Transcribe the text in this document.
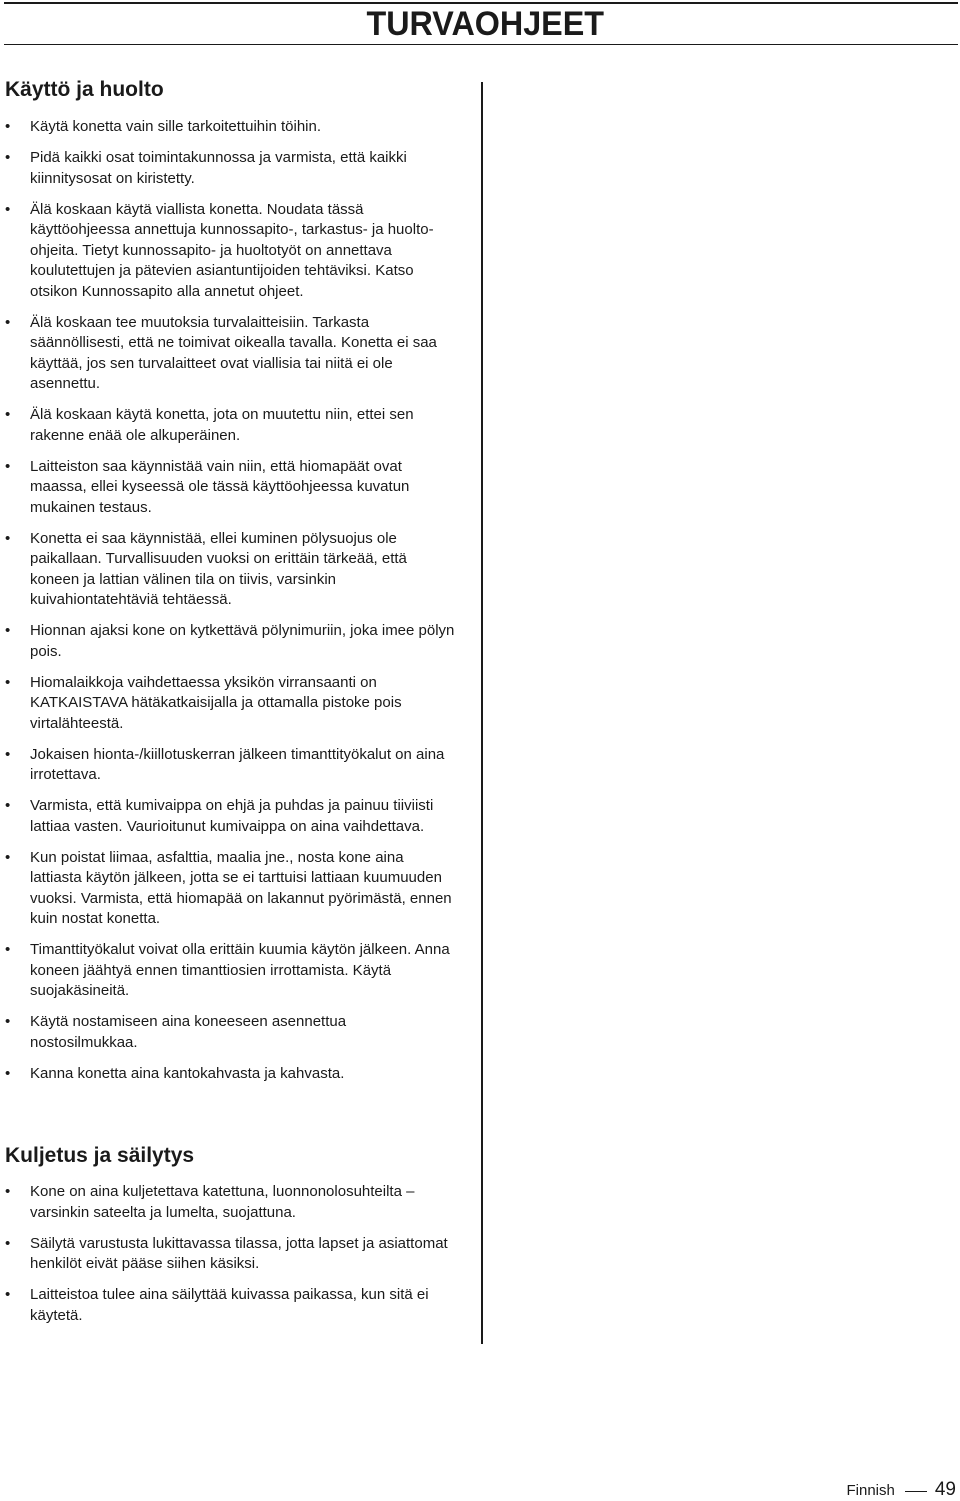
TURVAOHJEET
Käyttö ja huolto
• Käytä konetta vain sille tarkoitettuihin töihin.
• Pidä kaikki osat toimintakunnossa ja varmista, että kaikki kiinnitysosat on kiristetty.
• Älä koskaan käytä viallista konetta. Noudata tässä käyttöohjeessa annettuja kunnossapito-, tarkastus- ja huolto-ohjeita. Tietyt kunnossapito- ja huoltotyöt on annettava koulutettujen ja pätevien asiantuntijoiden tehtäviksi. Katso otsikon Kunnossapito alla annetut ohjeet.
• Älä koskaan tee muutoksia turvalaitteisiin. Tarkasta säännöllisesti, että ne toimivat oikealla tavalla. Konetta ei saa käyttää, jos sen turvalaitteet ovat viallisia tai niitä ei ole asennettu.
• Älä koskaan käytä konetta, jota on muutettu niin, ettei sen rakenne enää ole alkuperäinen.
• Laitteiston saa käynnistää vain niin, että hiomapäät ovat maassa, ellei kyseessä ole tässä käyttöohjeessa kuvatun mukainen testaus.
• Konetta ei saa käynnistää, ellei kuminen pölysuojus ole paikallaan. Turvallisuuden vuoksi on erittäin tärkeää, että koneen ja lattian välinen tila on tiivis, varsinkin kuivahiontatehtäviä tehtäessä.
• Hionnan ajaksi kone on kytkettävä pölynimuriin, joka imee pölyn pois.
• Hiomalaikkoja vaihdettaessa yksikön virransaanti on KATKAISTAVA hätäkatkaisijalla ja ottamalla pistoke pois virtalähteestä.
• Jokaisen hionta-/kiillotuskerran jälkeen timanttityökalut on aina irrotettava.
• Varmista, että kumivaippa on ehjä ja puhdas ja painuu tiiviisti lattiaa vasten. Vaurioitunut kumivaippa on aina vaihdettava.
• Kun poistat liimaa, asfalttia, maalia jne., nosta kone aina lattiasta käytön jälkeen, jotta se ei tarttuisi lattiaan kuumuuden vuoksi. Varmista, että hiomapää on lakannut pyörimästä, ennen kuin nostat konetta.
• Timanttityökalut voivat olla erittäin kuumia käytön jälkeen. Anna koneen jäähtyä ennen timanttiosien irrottamista. Käytä suojakäsineitä.
• Käytä nostamiseen aina koneeseen asennettua nostosilmukkaa.
• Kanna konetta aina kantokahvasta ja kahvasta.
Kuljetus ja säilytys
• Kone on aina kuljetettava katettuna, luonnonolosuhteilta – varsinkin sateelta ja lumelta, suojattuna.
• Säilytä varustusta lukittavassa tilassa, jotta lapset ja asiattomat henkilöt eivät pääse siihen käsiksi.
• Laitteistoa tulee aina säilyttää kuivassa paikassa, kun sitä ei käytetä.
Finnish 49
